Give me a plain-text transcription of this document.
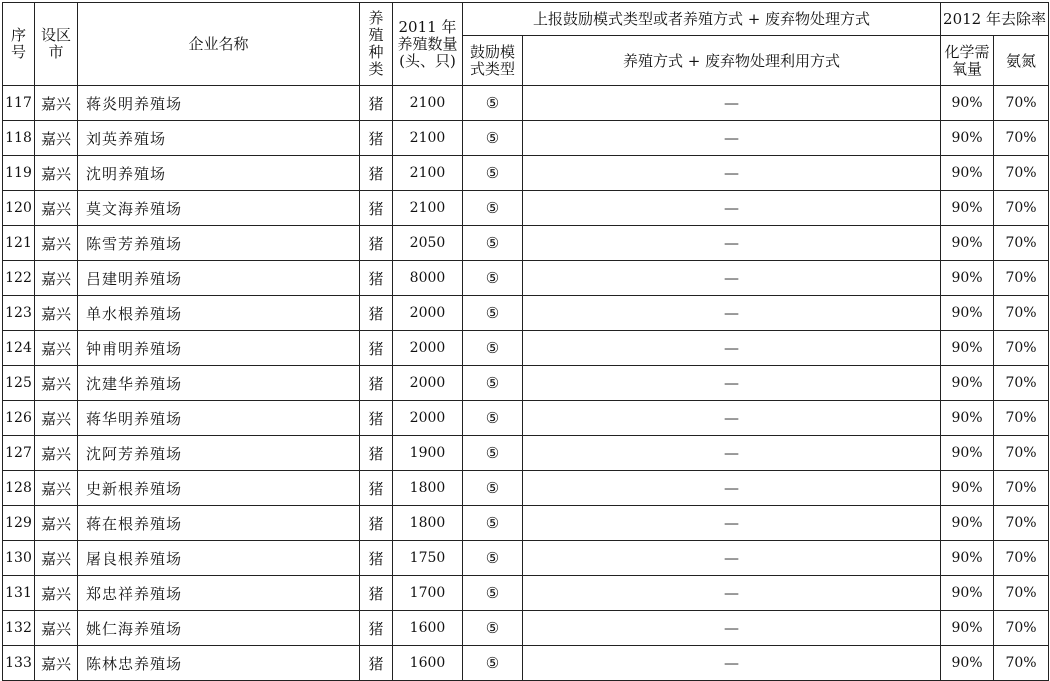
序号	设区市	企业名称	养殖种类	2011 年养殖数量(头、只)	上报鼓励模式类型或者养殖方式 + 废弃物处理方式		2012 年去除率	
					鼓励模式类型	养殖方式 + 废弃物处理利用方式	化学需氧量	氨氮
117	嘉兴	蒋炎明养殖场	猪	2100	⑤	—	90%	70%
118	嘉兴	刘英养殖场	猪	2100	⑤	—	90%	70%
119	嘉兴	沈明养殖场	猪	2100	⑤	—	90%	70%
120	嘉兴	莫文海养殖场	猪	2100	⑤	—	90%	70%
121	嘉兴	陈雪芳养殖场	猪	2050	⑤	—	90%	70%
122	嘉兴	吕建明养殖场	猪	8000	⑤	—	90%	70%
123	嘉兴	单水根养殖场	猪	2000	⑤	—	90%	70%
124	嘉兴	钟甫明养殖场	猪	2000	⑤	—	90%	70%
125	嘉兴	沈建华养殖场	猪	2000	⑤	—	90%	70%
126	嘉兴	蒋华明养殖场	猪	2000	⑤	—	90%	70%
127	嘉兴	沈阿芳养殖场	猪	1900	⑤	—	90%	70%
128	嘉兴	史新根养殖场	猪	1800	⑤	—	90%	70%
129	嘉兴	蒋在根养殖场	猪	1800	⑤	—	90%	70%
130	嘉兴	屠良根养殖场	猪	1750	⑤	—	90%	70%
131	嘉兴	郑忠祥养殖场	猪	1700	⑤	—	90%	70%
132	嘉兴	姚仁海养殖场	猪	1600	⑤	—	90%	70%
133	嘉兴	陈林忠养殖场	猪	1600	⑤	—	90%	70%
